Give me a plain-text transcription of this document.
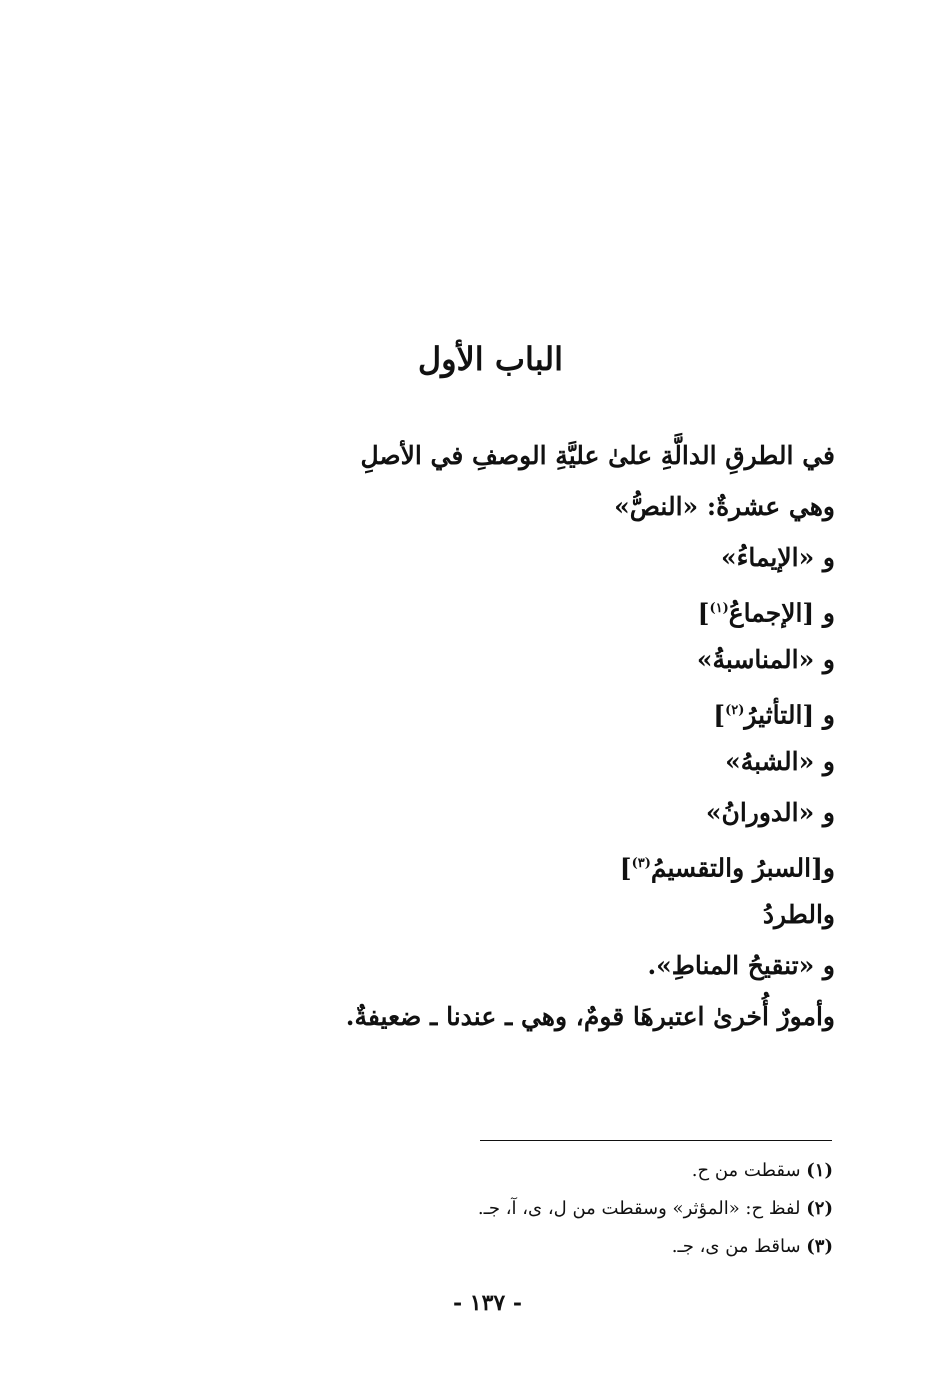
الباب الأول
في الطرقِ الدالَّةِ علىٰ عليَّةِ الوصفِ في الأصلِ
وهي عشرةٌ: «النصُّ»
و «الإيماءُ»
و [الإجماعُ$^{(١)}$]
و «المناسبةُ»
و [التأثيرُ$^{(٢)}$]
و «الشبهُ»
و «الدورانُ»
و[السبرُ والتقسيمُ$^{(٣)}$]
والطردُ
و «تنقيحُ المناطِ».
وأمورٌ أُخرىٰ اعتبرهَا قومٌ، وهي ـ عندنا ـ ضعيفةٌ.
(١) سقطت من ح.
(٢) لفظ ح: «المؤثر» وسقطت من ل، ى، آ، جـ.
(٣) ساقط من ى، جـ.
- ١٣٧ -
